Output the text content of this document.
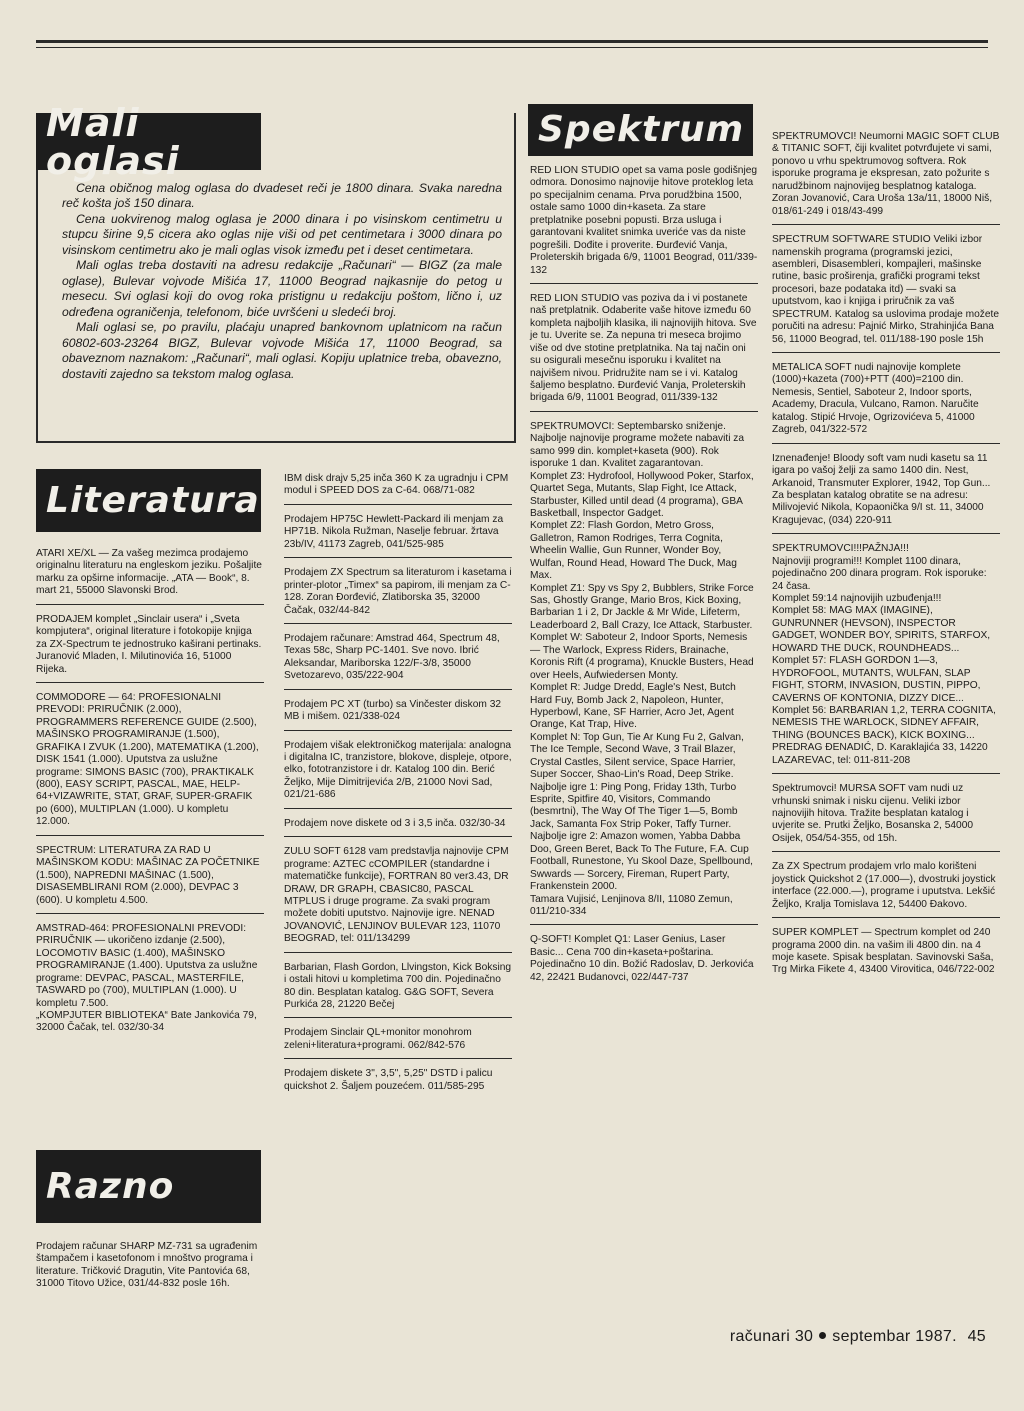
Mali oglasi

Cena običnog malog oglasa do dvadeset reči je 1800 dinara. Svaka naredna reč košta još 150 dinara.

Cena uokvirenog malog oglasa je 2000 dinara i po visinskom centimetru u stupcu širine 9,5 cicera ako oglas nije viši od pet centimetara i 3000 dinara po visinskom centimetru ako je mali oglas visok između pet i deset centimetara.

Mali oglas treba dostaviti na adresu redakcije „Računari“ — BIGZ (za male oglase), Bulevar vojvode Mišića 17, 11000 Beograd najkasnije do petog u mesecu. Svi oglasi koji do ovog roka pristignu u redakciju poštom, lično i, uz određena ograničenja, telefonom, biće uvršćeni u sledeći broj.

Mali oglasi se, po pravilu, plaćaju unapred bankovnom uplatnicom na račun 60802-603-23264 BIGZ, Bulevar vojvode Mišića 17, 11000 Beograd, sa obaveznom naznakom: „Računari“, mali oglasi. Kopiju uplatnice treba, obavezno, dostaviti zajedno sa tekstom malog oglasa.

Literatura
ATARI XE/XL — Za vašeg mezimca prodajemo originalnu literaturu na engleskom jeziku. Pošaljite marku za opširne informacije. „ATA — Book“, 8. mart 21, 55000 Slavonski Brod.
PRODAJEM komplet „Sinclair usera“ i „Sveta kompjutera“, original literature i fotokopije knjiga za ZX-Spectrum te jednostruko kaširani pertinaks. Juranović Mladen, I. Milutinovića 16, 51000 Rijeka.
COMMODORE — 64: PROFESIONALNI PREVODI: PRIRUČNIK (2.000), PROGRAMMERS REFERENCE GUIDE (2.500), MAŠINSKO PROGRAMIRANJE (1.500), GRAFIKA I ZVUK (1.200), MATEMATIKA (1.200), DISK 1541 (1.000). Uputstva za uslužne programe: SIMONS BASIC (700), PRAKTIKALK (800), EASY SCRIPT, PASCAL, MAE, HELP-64+VIZAWRITE, STAT, GRAF, SUPER-GRAFIK po (600), MULTIPLAN (1.000). U kompletu 12.000.
SPECTRUM: LITERATURA ZA RAD U MAŠINSKOM KODU: MAŠINAC ZA POČETNIKE (1.500), NAPREDNI MAŠINAC (1.500), DISASEMBLIRANI ROM (2.000), DEVPAC 3 (600). U kompletu 4.500.
AMSTRAD-464: PROFESIONALNI PREVODI: PRIRUČNIK — ukoričeno izdanje (2.500), LOCOMOTIV BASIC (1.400), MAŠINSKO PROGRAMIRANJE (1.400). Uputstva za uslužne programe: DEVPAC, PASCAL, MASTERFILE, TASWARD po (700), MULTIPLAN (1.000). U kompletu 7.500.
„KOMPJUTER BIBLIOTEKA“ Bate Jankovića 79, 32000 Čačak, tel. 032/30-34
Razno
Prodajem računar SHARP MZ-731 sa ugrađenim štampačem i kasetofonom i mnoštvo programa i literature. Tričković Dragutin, Vite Pantovića 68, 31000 Titovo Užice, 031/44-832 posle 16h.
IBM disk drajv 5,25 inča 360 K za ugradnju i CPM modul i SPEED DOS za C-64. 068/71-082
Prodajem HP75C Hewlett-Packard ili menjam za HP71B. Nikola Ružman, Naselje februar. žrtava 23b/IV, 41173 Zagreb, 041/525-985
Prodajem ZX Spectrum sa literaturom i kasetama i printer-plotor „Timex“ sa papirom, ili menjam za C-128. Zoran Đorđević, Zlatiborska 35, 32000 Čačak, 032/44-842
Prodajem računare: Amstrad 464, Spectrum 48, Texas 58c, Sharp PC-1401. Sve novo. Ibrić Aleksandar, Mariborska 122/F-3/8, 35000 Svetozarevo, 035/222-904
Prodajem PC XT (turbo) sa Vinčester diskom 32 MB i mišem. 021/338-024
Prodajem višak elektroničkog materijala: analogna i digitalna IC, tranzistore, blokove, displeje, otpore, elko, fototranzistore i dr. Katalog 100 din. Berić Željko, Mije Dimitrijevića 2/B, 21000 Novi Sad, 021/21-686
Prodajem nove diskete od 3 i 3,5 inča. 032/30-34
ZULU SOFT 6128 vam predstavlja najnovije CPM programe: AZTEC cCOMPILER (standardne i matematičke funkcije), FORTRAN 80 ver3.43, DR DRAW, DR GRAPH, CBASIC80, PASCAL MTPLUS i druge programe. Za svaki program možete dobiti uputstvo. Najnovije igre. NENAD JOVANOVIĆ, LENJINOV BULEVAR 123, 11070 BEOGRAD, tel: 011/134299
Barbarian, Flash Gordon, Llvingston, Kick Boksing i ostali hitovi u kompletima 700 din. Pojedinačno 80 din. Besplatan katalog. G&G SOFT, Severa Purkića 28, 21220 Bečej
Prodajem Sinclair QL+monitor monohrom zeleni+literatura+programi. 062/842-576
Prodajem diskete 3", 3,5", 5,25" DSTD i palicu quickshot 2. Šaljem pouzećem. 011/585-295
Spektrum
RED LION STUDIO opet sa vama posle godišnjeg odmora. Donosimo najnovije hitove proteklog leta po specijalnim cenama. Prva porudžbina 1500, ostale samo 1000 din+kaseta. Za stare pretplatnike posebni popusti. Brza usluga i garantovani kvalitet snimka uverićе vas da niste pogrešili. Dođite i proverite. Đurđević Vanja, Proleterskih brigada 6/9, 11001 Beograd, 011/339-132
RED LION STUDIO vas poziva da i vi postanete naš pretplatnik. Odaberite vaše hitove između 60 kompleta najboljih klasika, ili najnovijih hitova. Sve je tu. Uverite se. Za nepuna tri meseca brojimo više od dve stotine pretplatnika. Na taj način oni su osigurali mesečnu isporuku i kvalitet na najvišem nivou. Pridružite nam se i vi. Katalog šaljemo besplatno. Đurđević Vanja, Proleterskih brigada 6/9, 11001 Beograd, 011/339-132
SPEKTRUMOVCI: Septembarsko sniženje. Najbolje najnovije programe možete nabaviti za samo 999 din. komplet+kaseta (900). Rok isporuke 1 dan. Kvalitet zagarantovan.
Komplet Z3: Hydrofool, Hollywood Poker, Starfox, Quartet Sega, Mutants, Slap Fight, Ice Attack, Starbuster, Killed until dead (4 programa), GBA Basketball, Inspector Gadget.
Komplet Z2: Flash Gordon, Metro Gross, Galletron, Ramon Rodriges, Terra Cognita, Wheelin Wallie, Gun Runner, Wonder Boy, Wulfan, Round Head, Howard The Duck, Mag Max.
Komplet Z1: Spy vs Spy 2, Bubblers, Strike Force Sas, Ghostly Grange, Mario Bros, Kick Boxing, Barbarian 1 i 2, Dr Jackle & Mr Wide, Lifeterm, Leaderboard 2, Ball Crazy, Ice Attack, Starbuster.
Komplet W: Saboteur 2, Indoor Sports, Nemesis — The Warlock, Express Riders, Brainache, Koronis Rift (4 programa), Knuckle Busters, Head over Heels, Aufwiedersen Monty.
Komplet R: Judge Dredd, Eagle's Nest, Butch Hard Fuy, Bomb Jack 2, Napoleon, Hunter, Hyperbowl, Kane, SF Harrier, Acro Jet, Agent Orange, Kat Trap, Hive.
Komplet N: Top Gun, Tie Ar Kung Fu 2, Galvan, The Ice Temple, Second Wave, 3 Trail Blazer, Crystal Castles, Silent service, Space Harrier, Super Soccer, Shao-Lin's Road, Deep Strike. Najbolje igre 1: Ping Pong, Friday 13th, Turbo Esprite, Spitfire 40, Visitors, Commando (besmrtni), The Way Of The Tiger 1—5, Bomb Jack, Samanta Fox Strip Poker, Taffy Turner.
Najbolje igre 2: Amazon women, Yabba Dabba Doo, Green Beret, Back To The Future, F.A. Cup Football, Runestone, Yu Skool Daze, Spellbound, Swwards — Sorcery, Fireman, Rupert Party, Frankenstein 2000.
Tamara Vujisić, Lenjinova 8/II, 11080 Zemun, 011/210-334
Q-SOFT! Komplet Q1: Laser Genius, Laser Basic... Cena 700 din+kaseta+poštarina. Pojedinačno 10 din. Božić Radoslav, D. Jerkovića 42, 22421 Budanovci, 022/447-737
SPEKTRUMOVCI! Neumorni MAGIC SOFT CLUB & TITANIC SOFT, čiji kvalitet potvrđujete vi sami, ponovo u vrhu spektrumovog softvera. Rok isporuke programa je ekspresan, zato požurite s narudžbinom najnovijeg besplatnog kataloga. Zoran Jovanović, Cara Uroša 13a/11, 18000 Niš, 018/61-249 i 018/43-499
SPECTRUM SOFTWARE STUDIO Veliki izbor namenskih programa (programski jezici, asembleri, Disasembleri, kompajleri, mašinske rutine, basic proširenja, grafički programi tekst procesori, baze podataka itd) — svaki sa uputstvom, kao i knjiga i priručnik za vaš SPECTRUM. Katalog sa uslovima prodaje možete poručiti na adresu: Pajnić Mirko, Strahinjića Bana 56, 11000 Beograd, tel. 011/188-190 posle 15h
METALICA SOFT nudi najnovije komplete (1000)+kazeta (700)+PTT (400)=2100 din. Nemesis, Sentiel, Saboteur 2, Indoor sports, Academy, Dracula, Vulcano, Ramon. Naručite katalog. Stipić Hrvoje, Ogrizovićeva 5, 41000 Zagreb, 041/322-572
Iznenađenje! Bloody soft vam nudi kasetu sa 11 igara po vašoj želji za samo 1400 din. Nest, Arkanoid, Transmuter Explorer, 1942, Top Gun... Za besplatan katalog obratite se na adresu: Milivojević Nikola, Kopaonička 9/I st. 11, 34000 Kragujevac, (034) 220-911
SPEKTRUMOVCI!!!PAŽNJA!!!
Najnoviji programi!!! Komplet 1100 dinara, pojedinačno 200 dinara program. Rok isporuke: 24 časa.
Komplet 59:14 najnovijih uzbuđenja!!!
Komplet 58: MAG MAX (IMAGINE), GUNRUNNER (HEVSON), INSPECTOR GADGET, WONDER BOY, SPIRITS, STARFOX, HOWARD THE DUCK, ROUNDHEADS...
Komplet 57: FLASH GORDON 1—3, HYDROFOOL, MUTANTS, WULFAN, SLAP FIGHT, STORM, INVASION, DUSTIN, PIPPO, CAVERNS OF KONTONIA, DIZZY DICE...
Komplet 56: BARBARIAN 1,2, TERRA COGNITA, NEMESIS THE WARLOCK, SIDNEY AFFAIR, THING (BOUNCES BACK), KICK BOXING...
PREDRAG ĐENADIĆ, D. Karaklajića 33, 14220 LAZAREVAC, tel: 011-811-208
Spektrumovci! MURSA SOFT vam nudi uz vrhunski snimak i nisku cijenu. Veliki izbor najnovijih hitova. Tražite besplatan katalog i uvjerite se. Prutki Željko, Bosanska 2, 54000 Osijek, 054/54-355, od 15h.
Za ZX Spectrum prodajem vrlo malo korišteni joystick Quickshot 2 (17.000—), dvostruki joystick interface (22.000.—), programe i uputstva. Lekšić Željko, Kralja Tomislava 12, 54400 Đakovo.
SUPER KOMPLET — Spectrum komplet od 240 programa 2000 din. na vašim ili 4800 din. na 4 moje kasete. Spisak besplatan. Savinovski Saša, Trg Mirka Fikete 4, 43400 Virovitica, 046/722-002
računari 30 septembar 1987. 45
